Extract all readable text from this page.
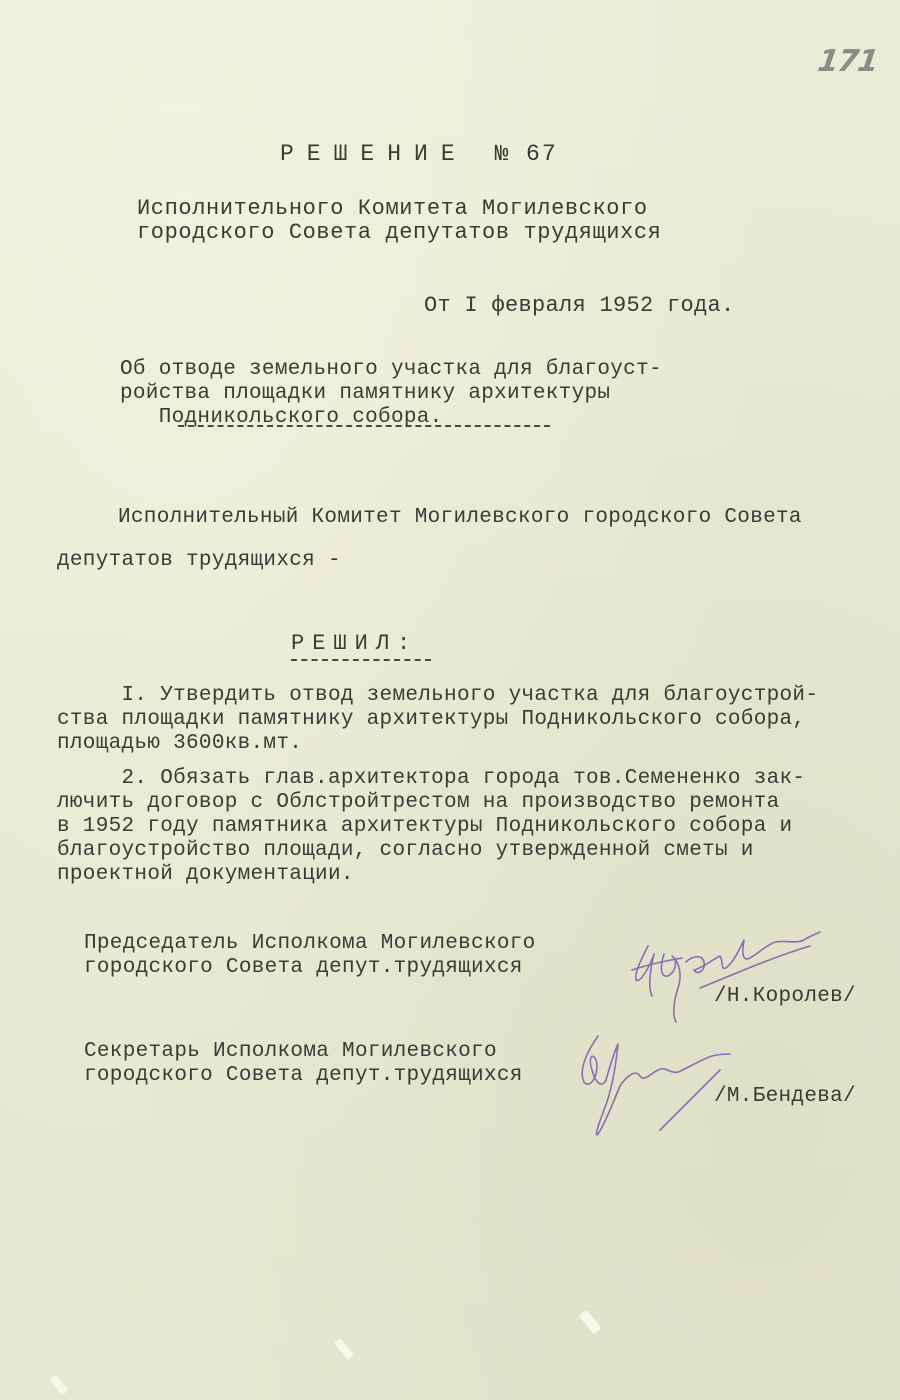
171
РЕШЕНИЕ № 67
Исполнительного Комитета Могилевского
городского Совета депутатов трудящихся
От I февраля 1952 года.
Об отводе земельного участка для благоуст-
ройства площадки памятнику архитектуры
Подникольского собора.
Исполнительный Комитет Могилевского городского Совета
депутатов трудящихся -
РЕШИЛ:
I. Утвердить отвод земельного участка для благоустрой-
ства площадки памятнику архитектуры Подникольского собора,
площадью 3600кв.мт.
2. Обязать глав.архитектора города тов.Семененко зак-
лючить договор с Облстройтрестом на производство ремонта
в 1952 году памятника архитектуры Подникольского собора и
благоустройство площади, согласно утвержденной сметы и
проектной документации.
Председатель Исполкома Могилевского
городского Совета депут.трудящихся
/Н.Королев/
Секретарь Исполкома Могилевского
городского Совета депут.трудящихся
/М.Бендева/
